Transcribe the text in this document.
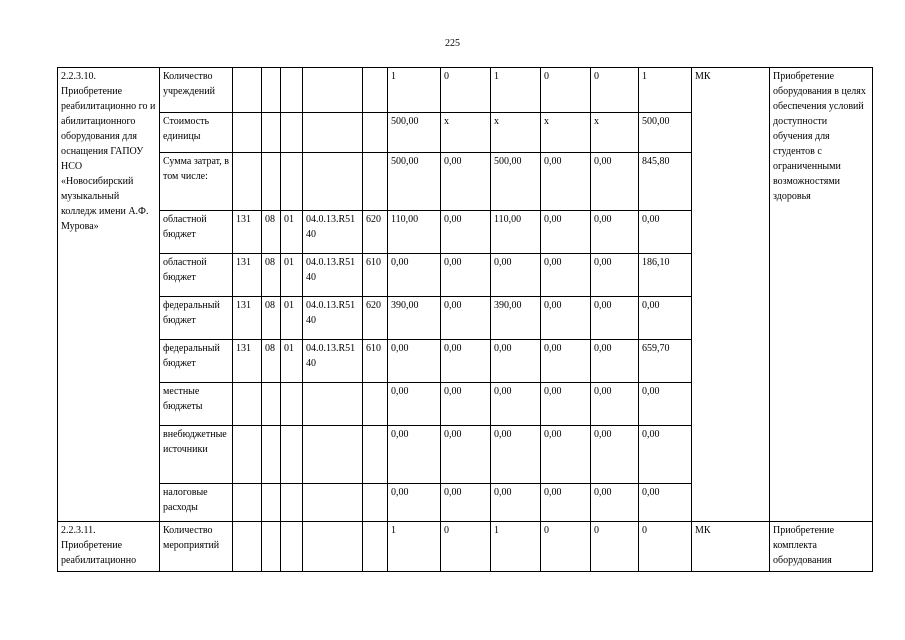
225
2.2.3.10. Приобретение реабилитационно го и абилитационного оборудования для оснащения ГАПОУ НСО «Новосибирский музыкальный колледж имени А.Ф. Мурова»	Количество учреждений						1	0	1	0	0	1	МК	Приобретение оборудования в целях обеспечения условий доступности обучения для студентов с ограниченными возможностями здоровья
	Стоимость единицы						500,00	x	x	x	x	500,00		
	Сумма затрат, в том числе:						500,00	0,00	500,00	0,00	0,00	845,80		
	областной бюджет	131	08	01	04.0.13.R5140	620	110,00	0,00	110,00	0,00	0,00	0,00		
	областной бюджет	131	08	01	04.0.13.R5140	610	0,00	0,00	0,00	0,00	0,00	186,10		
	федеральный бюджет	131	08	01	04.0.13.R5140	620	390,00	0,00	390,00	0,00	0,00	0,00		
	федеральный бюджет	131	08	01	04.0.13.R5140	610	0,00	0,00	0,00	0,00	0,00	659,70		
	местные бюджеты						0,00	0,00	0,00	0,00	0,00	0,00		
	внебюджетные источники						0,00	0,00	0,00	0,00	0,00	0,00		
	налоговые расходы						0,00	0,00	0,00	0,00	0,00	0,00		
2.2.3.11. Приобретение реабилитационно	Количество мероприятий						1	0	1	0	0	0	МК	Приобретение комплекта оборудования
